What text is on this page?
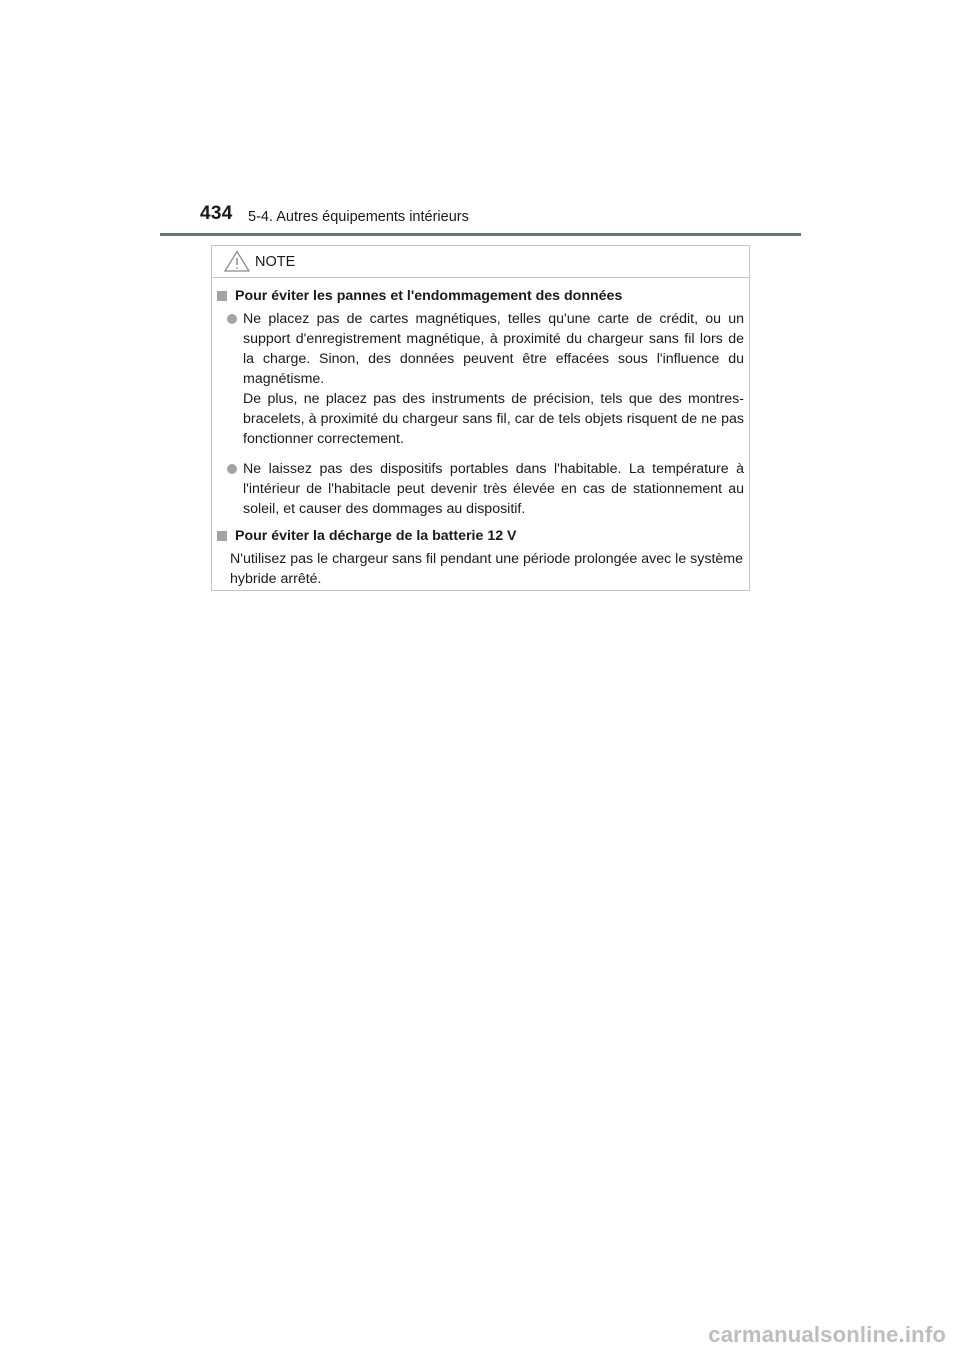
434 5-4. Autres équipements intérieurs
NOTE
Pour éviter les pannes et l'endommagement des données

Ne placez pas de cartes magnétiques, telles qu'une carte de crédit, ou un support d'enregistrement magnétique, à proximité du chargeur sans fil lors de la charge. Sinon, des données peuvent être effacées sous l'influence du magnétisme.

De plus, ne placez pas des instruments de précision, tels que des montres-bracelets, à proximité du chargeur sans fil, car de tels objets risquent de ne pas fonctionner correctement.

Ne laissez pas des dispositifs portables dans l'habitable. La température à l'intérieur de l'habitacle peut devenir très élevée en cas de stationnement au soleil, et causer des dommages au dispositif.

Pour éviter la décharge de la batterie 12 V
N'utilisez pas le chargeur sans fil pendant une période prolongée avec le système hybride arrêté.
carmanualsonline.info
